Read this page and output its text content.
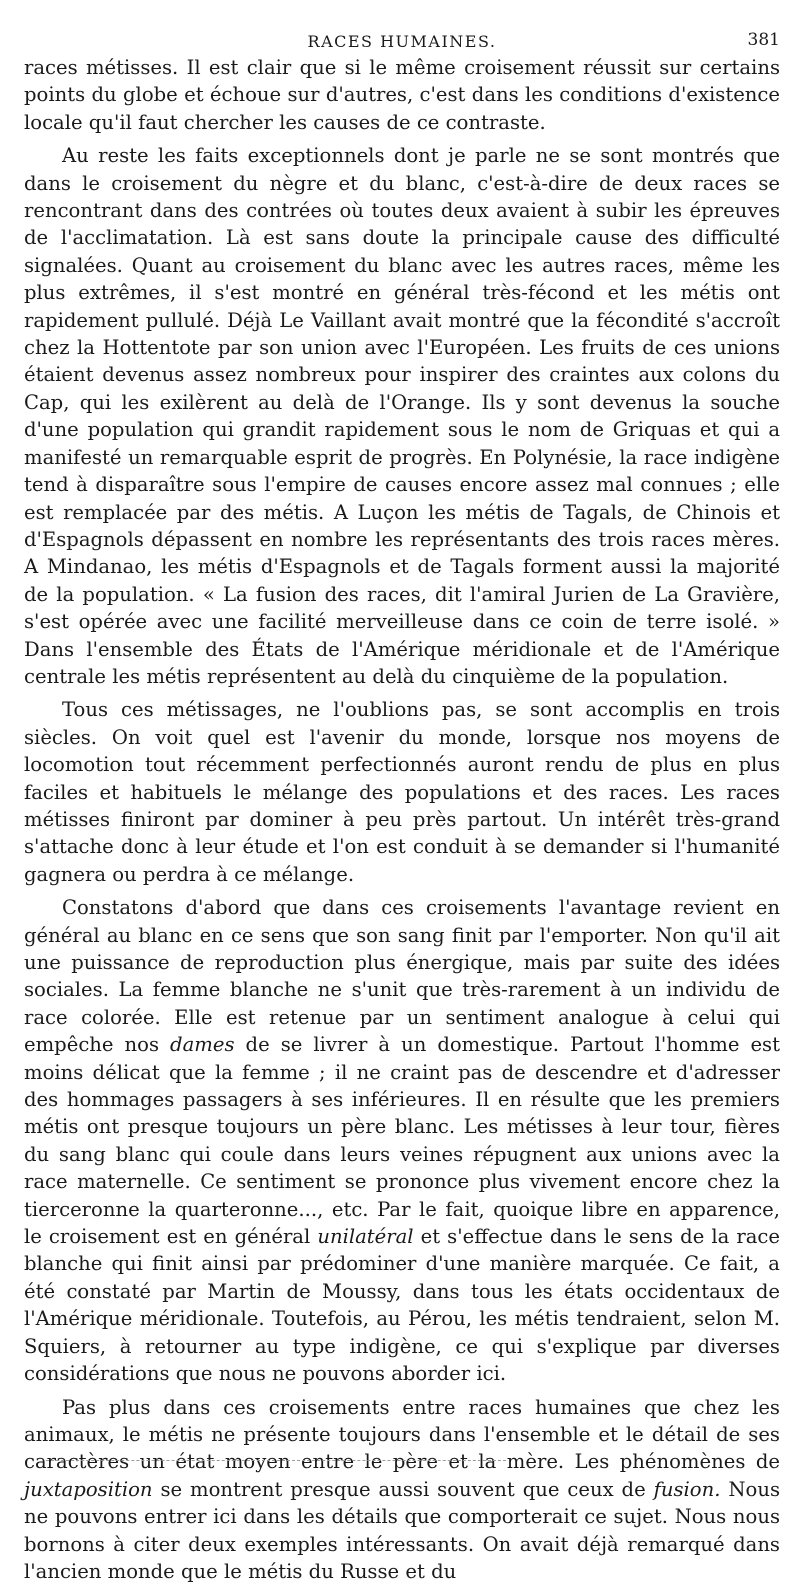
RACES HUMAINES.	381

races métisses. Il est clair que si le même croisement réussit sur certains points du globe et échoue sur d'autres, c'est dans les conditions d'existence locale qu'il faut chercher les causes de ce contraste.

Au reste les faits exceptionnels dont je parle ne se sont montrés que dans le croisement du nègre et du blanc, c'est-à-dire de deux races se rencontrant dans des contrées où toutes deux avaient à subir les épreuves de l'acclimatation. Là est sans doute la principale cause des difficulté signalées. Quant au croisement du blanc avec les autres races, même les plus extrêmes, il s'est montré en général très-fécond et les métis ont rapidement pullulé. Déjà Le Vaillant avait montré que la fécondité s'accroît chez la Hottentote par son union avec l'Européen. Les fruits de ces unions étaient devenus assez nombreux pour inspirer des craintes aux colons du Cap, qui les exilèrent au delà de l'Orange. Ils y sont devenus la souche d'une population qui grandit rapidement sous le nom de Griquas et qui a manifesté un remarquable esprit de progrès. En Polynésie, la race indigène tend à disparaître sous l'empire de causes encore assez mal connues ; elle est remplacée par des métis. A Luçon les métis de Tagals, de Chinois et d'Espagnols dépassent en nombre les représentants des trois races mères. A Mindanao, les métis d'Espagnols et de Tagals forment aussi la majorité de la population. « La fusion des races, dit l'amiral Jurien de La Gravière, s'est opérée avec une facilité merveilleuse dans ce coin de terre isolé. » Dans l'ensemble des États de l'Amérique méridionale et de l'Amérique centrale les métis représentent au delà du cinquième de la population.

Tous ces métissages, ne l'oublions pas, se sont accomplis en trois siècles. On voit quel est l'avenir du monde, lorsque nos moyens de locomotion tout récemment perfectionnés auront rendu de plus en plus faciles et habituels le mélange des populations et des races. Les races métisses finiront par dominer à peu près partout. Un intérêt très-grand s'attache donc à leur étude et l'on est conduit à se demander si l'humanité gagnera ou perdra à ce mélange.

Constatons d'abord que dans ces croisements l'avantage revient en général au blanc en ce sens que son sang finit par l'emporter. Non qu'il ait une puissance de reproduction plus énergique, mais par suite des idées sociales. La femme blanche ne s'unit que très-rarement à un individu de race colorée. Elle est retenue par un sentiment analogue à celui qui empêche nos dames de se livrer à un domestique. Partout l'homme est moins délicat que la femme ; il ne craint pas de descendre et d'adresser des hommages passagers à ses inférieures. Il en résulte que les premiers métis ont presque toujours un père blanc. Les métisses à leur tour, fières du sang blanc qui coule dans leurs veines répugnent aux unions avec la race maternelle. Ce sentiment se prononce plus vivement encore chez la tierceronne la quarteronne..., etc. Par le fait, quoique libre en apparence, le croisement est en général unilatéral et s'effectue dans le sens de la race blanche qui finit ainsi par prédominer d'une manière marquée. Ce fait, a été constaté par Martin de Moussy, dans tous les états occidentaux de l'Amérique méridionale. Toutefois, au Pérou, les métis tendraient, selon M. Squiers, à retourner au type indigène, ce qui s'explique par diverses considérations que nous ne pouvons aborder ici.

Pas plus dans ces croisements entre races humaines que chez les animaux, le métis ne présente toujours dans l'ensemble et le détail de ses caractères un état moyen entre le père et la mère. Les phénomènes de juxtaposition se montrent presque aussi souvent que ceux de fusion. Nous ne pouvons entrer ici dans les détails que comporterait ce sujet. Nous nous bornons à citer deux exemples intéressants. On avait déjà remarqué dans l'ancien monde que le métis du Russe et du
